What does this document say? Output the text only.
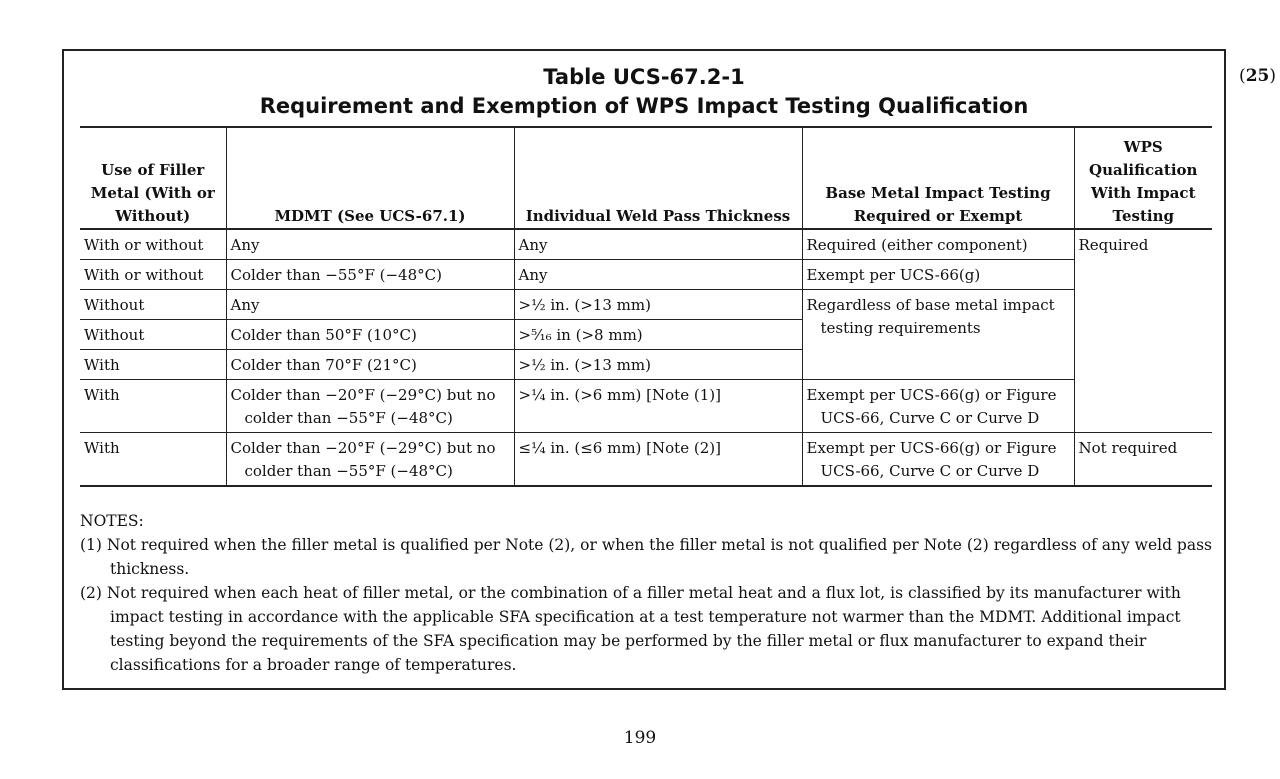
(25)
Table UCS-67.2-1
Requirement and Exemption of WPS Impact Testing Qualification
Use of Filler Metal (With or Without)	MDMT (See UCS-67.1)	Individual Weld Pass Thickness	Base Metal Impact Testing Required or Exempt	WPS Qualification With Impact Testing
With or without	Any	Any	Required (either component)	Required
With or without	Colder than −55°F (−48°C)	Any	Exempt per UCS-66(g)	
Without	Any	>½ in. (>13 mm)	Regardless of base metal impact testing requirements	
Without	Colder than 50°F (10°C)	>⁵⁄₁₆ in (>8 mm)		
With	Colder than 70°F (21°C)	>½ in. (>13 mm)		
With	Colder than −20°F (−29°C) but no colder than −55°F (−48°C)	>¼ in. (>6 mm) [Note (1)]	Exempt per UCS-66(g) or Figure UCS-66, Curve C or Curve D	
With	Colder than −20°F (−29°C) but no colder than −55°F (−48°C)	≤¼ in. (≤6 mm) [Note (2)]	Exempt per UCS-66(g) or Figure UCS-66, Curve C or Curve D	Not required
NOTES:
(1) Not required when the filler metal is qualified per Note (2), or when the filler metal is not qualified per Note (2) regardless of any weld pass thickness.
(2) Not required when each heat of filler metal, or the combination of a filler metal heat and a flux lot, is classified by its manufacturer with impact testing in accordance with the applicable SFA specification at a test temperature not warmer than the MDMT. Additional impact testing beyond the requirements of the SFA specification may be performed by the filler metal or flux manufacturer to expand their classifications for a broader range of temperatures.
199
